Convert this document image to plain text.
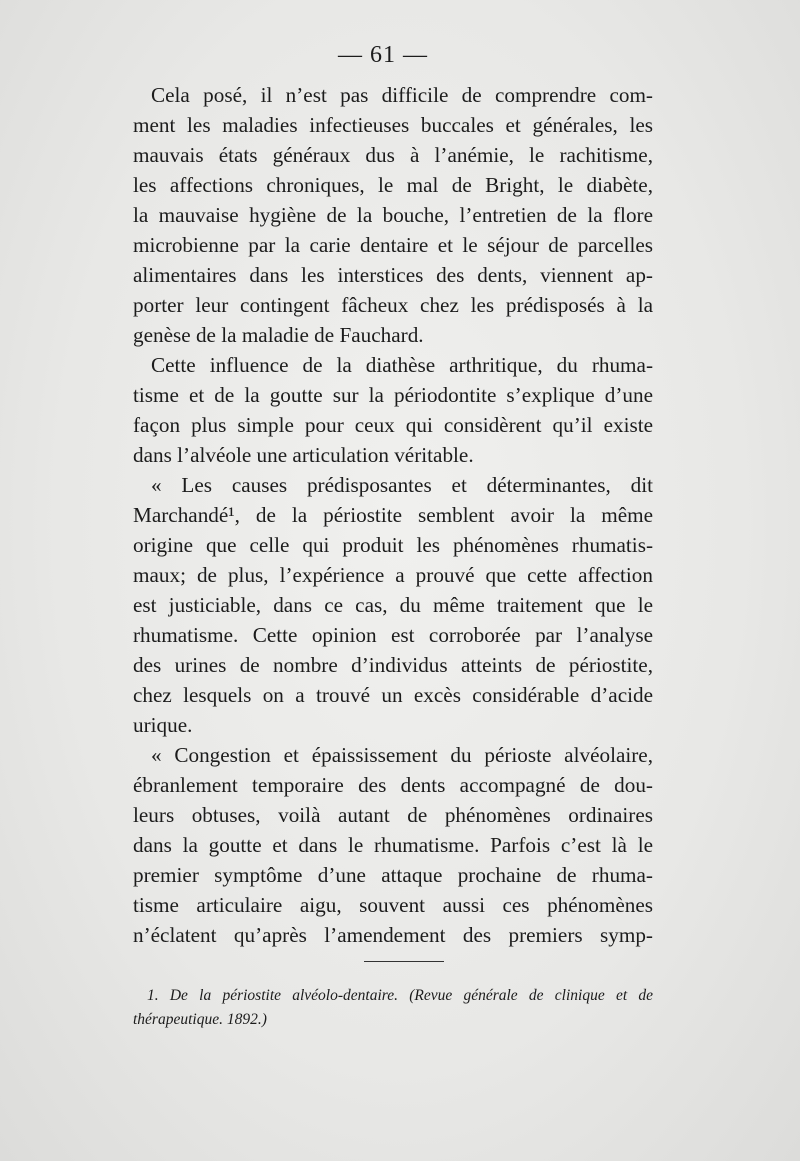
— 61 —
Cela posé, il n’est pas difficile de comprendre com-
ment les maladies infectieuses buccales et générales, les
mauvais états généraux dus à l’anémie, le rachitisme,
les affections chroniques, le mal de Bright, le diabète,
la mauvaise hygiène de la bouche, l’entretien de la flore
microbienne par la carie dentaire et le séjour de parcelles
alimentaires dans les interstices des dents, viennent ap-
porter leur contingent fâcheux chez les prédisposés à la
genèse de la maladie de Fauchard.
Cette influence de la diathèse arthritique, du rhuma-
tisme et de la goutte sur la périodontite s’explique d’une
façon plus simple pour ceux qui considèrent qu’il existe
dans l’alvéole une articulation véritable.
« Les causes prédisposantes et déterminantes, dit
Marchandé¹, de la périostite semblent avoir la même
origine que celle qui produit les phénomènes rhumatis-
maux; de plus, l’expérience a prouvé que cette affection
est justiciable, dans ce cas, du même traitement que le
rhumatisme. Cette opinion est corroborée par l’analyse
des urines de nombre d’individus atteints de périostite,
chez lesquels on a trouvé un excès considérable d’acide
urique.
« Congestion et épaississement du périoste alvéolaire,
ébranlement temporaire des dents accompagné de dou-
leurs obtuses, voilà autant de phénomènes ordinaires
dans la goutte et dans le rhumatisme. Parfois c’est là le
premier symptôme d’une attaque prochaine de rhuma-
tisme articulaire aigu, souvent aussi ces phénomènes
n’éclatent qu’après l’amendement des premiers symp-
1. De la périostite alvéolo-dentaire. (Revue générale de clinique et de
thérapeutique. 1892.)
